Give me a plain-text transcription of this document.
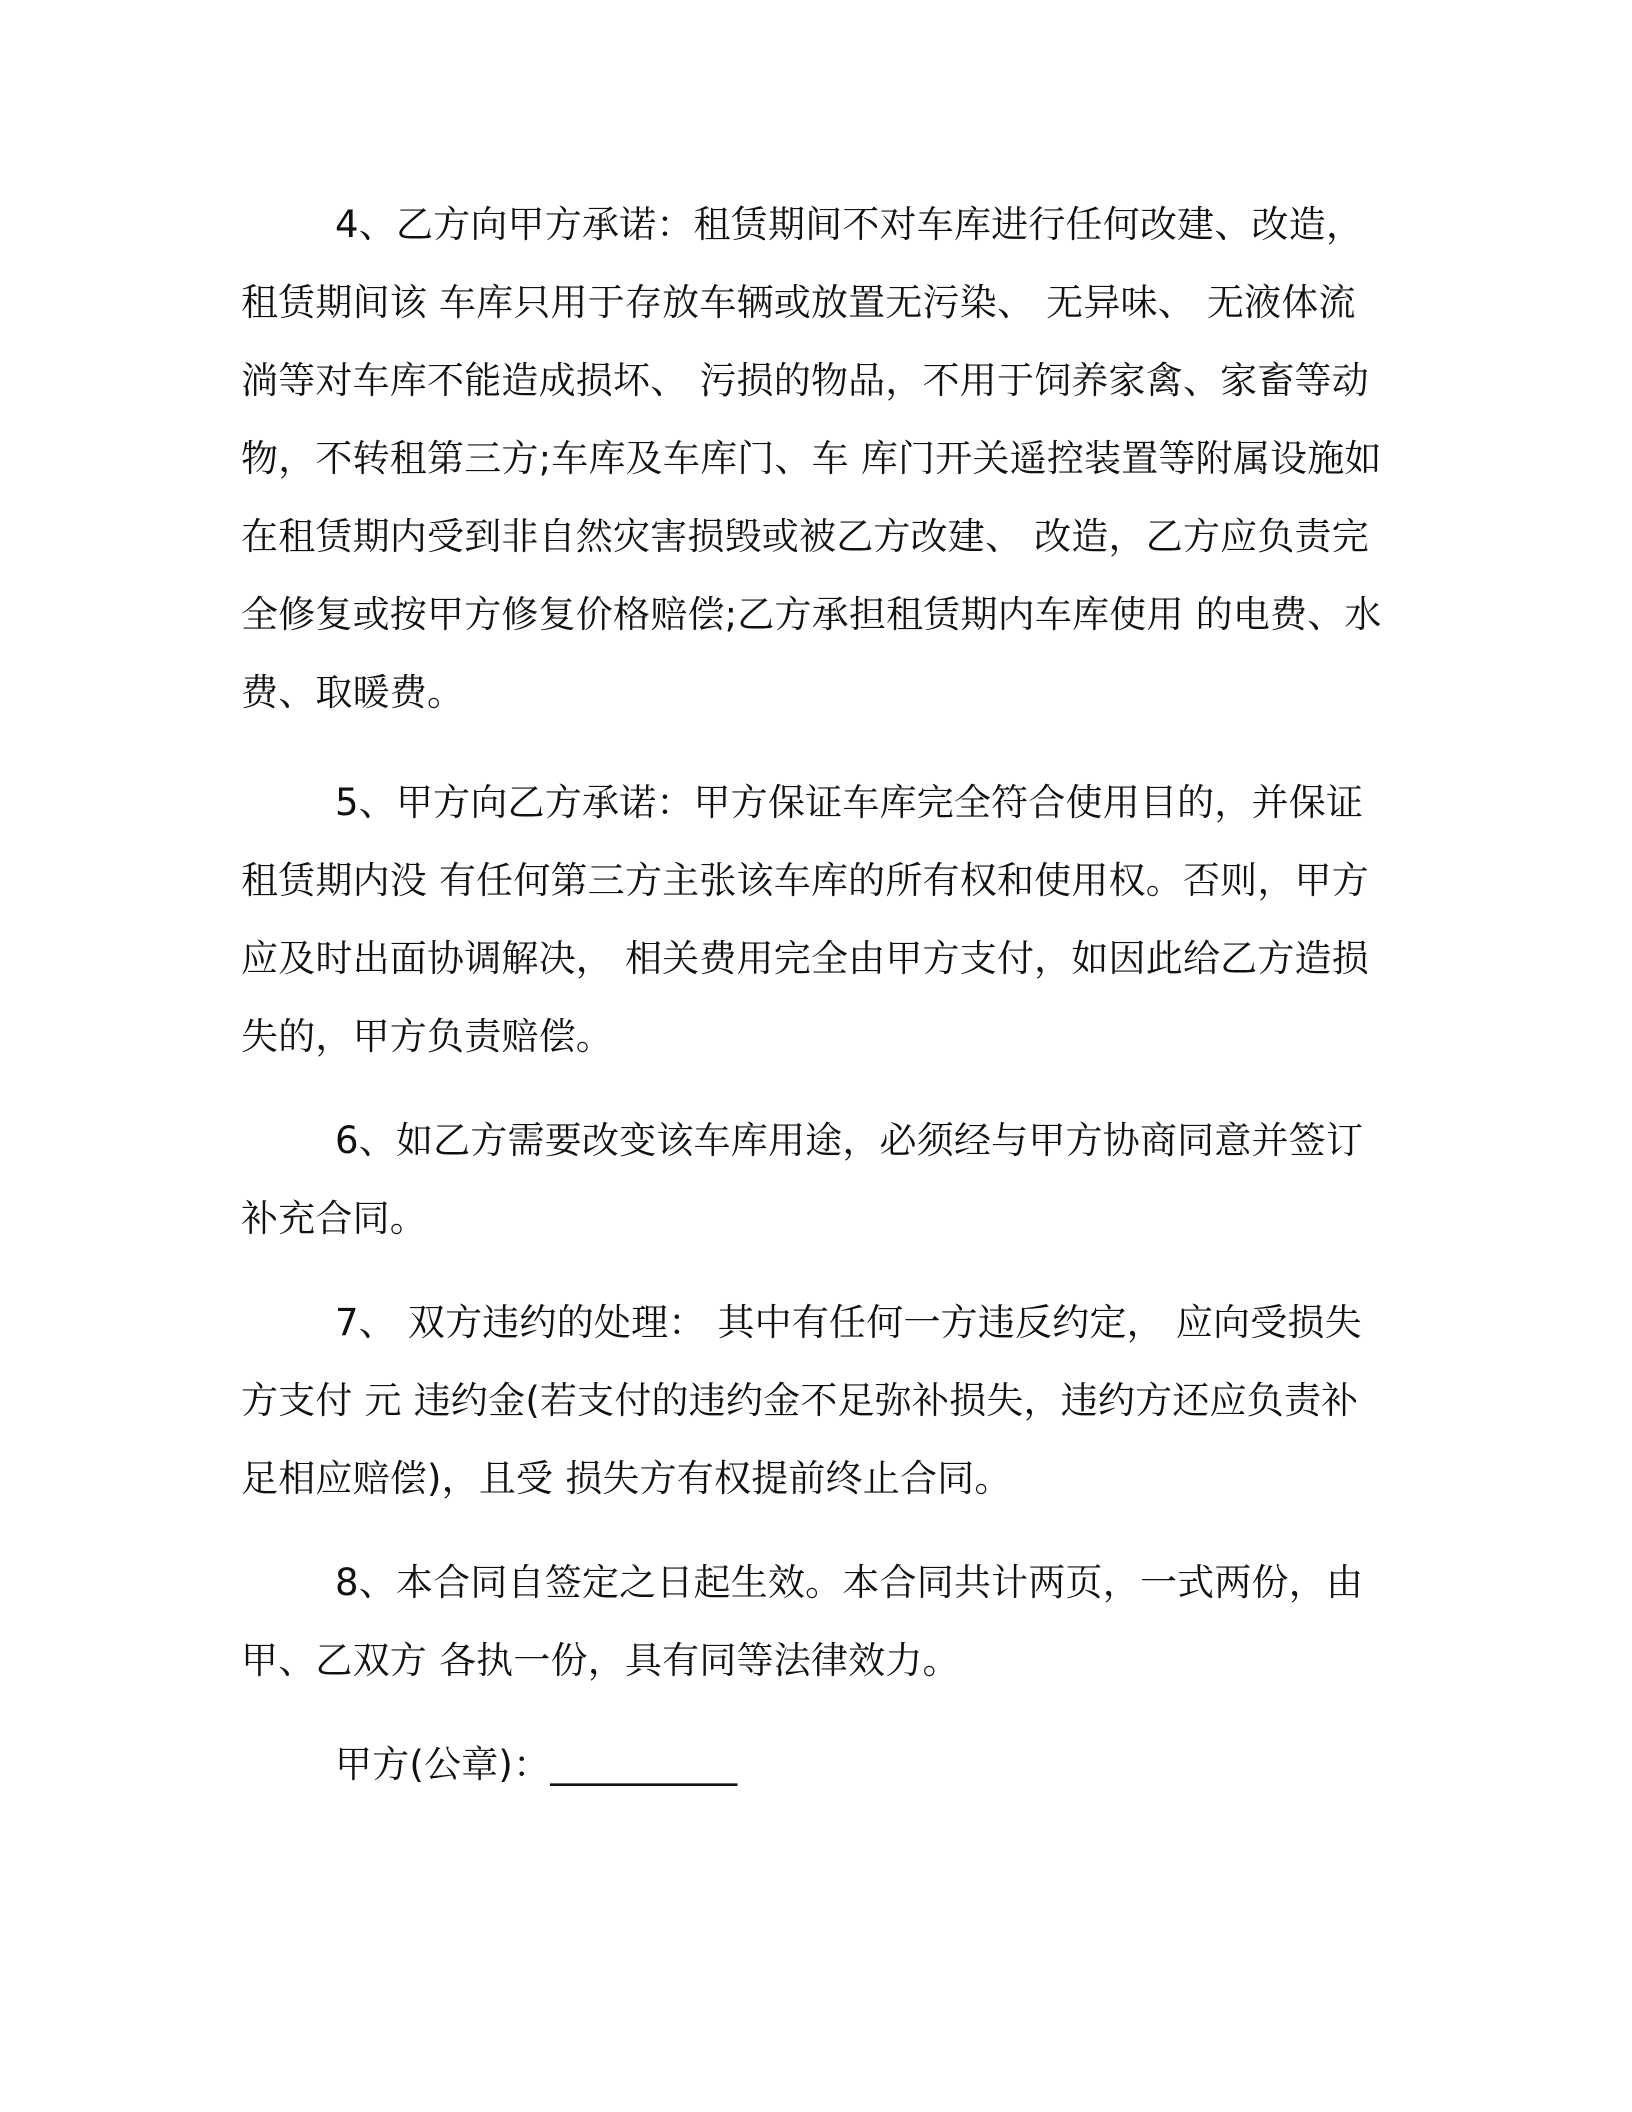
4、乙方向甲方承诺：租赁期间不对车库进行任何改建、改造，租赁期间该 车库只用于存放车辆或放置无污染、 无异味、 无液体流淌等对车库不能造成损坏、 污损的物品，不用于饲养家禽、家畜等动物，不转租第三方;车库及车库门、车 库门开关遥控装置等附属设施如在租赁期内受到非自然灾害损毁或被乙方改建、 改造，乙方应负责完全修复或按甲方修复价格赔偿;乙方承担租赁期内车库使用 的电费、水费、取暖费。

5、甲方向乙方承诺：甲方保证车库完全符合使用目的，并保证租赁期内没 有任何第三方主张该车库的所有权和使用权。否则，甲方应及时出面协调解决， 相关费用完全由甲方支付，如因此给乙方造损失的，甲方负责赔偿。

6、如乙方需要改变该车库用途，必须经与甲方协商同意并签订补充合同。

7、 双方违约的处理： 其中有任何一方违反约定， 应向受损失方支付 元 违约金(若支付的违约金不足弥补损失，违约方还应负责补足相应赔偿)，且受 损失方有权提前终止合同。

8、本合同自签定之日起生效。本合同共计两页，一式两份，由甲、乙双方 各执一份，具有同等法律效力。

甲方(公章)：__________
